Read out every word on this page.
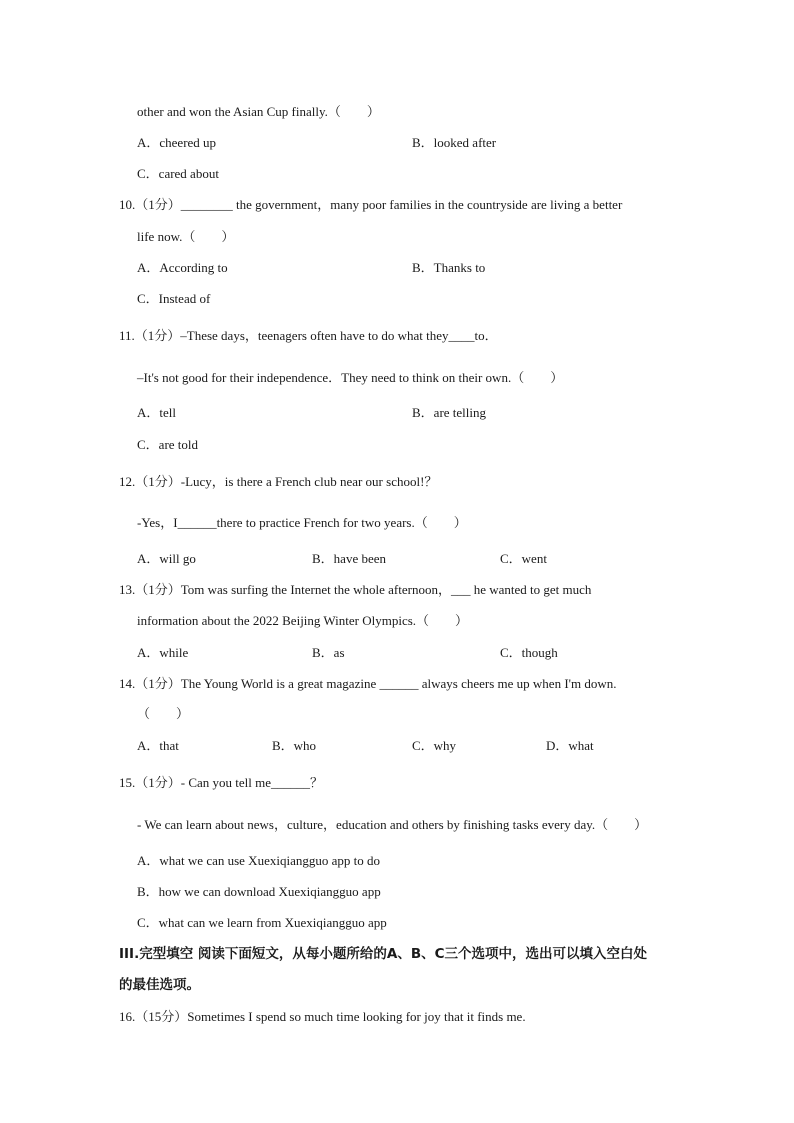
other and won the Asian Cup finally.（　　）
A．cheered up	B．looked after
C．cared about
10.（1分）________ the government，many poor families in the countryside are living a better
life now.（　　）
A．According to	B．Thanks to
C．Instead of
11.（1分）–These days，teenagers often have to do what they____to．
–It's not good for their independence．They need to think on their own.（　　）
A．tell	B．are telling
C．are told
12.（1分）-Lucy，is there a French club near our school!？
-Yes，I______there to practice French for two years.（　　）
A．will go	B．have been	C．went
13.（1分）Tom was surfing the Internet the whole afternoon，___ he wanted to get much
information about the 2022 Beijing Winter Olympics.（　　）
A．while	B．as	C．though
14.（1分）The Young World is a great magazine ______ always cheers me up when I'm down.
（　　）
A．that	B．who	C．why	D．what
15.（1分）- Can you tell me______？
- We can learn about news，culture，education and others by finishing tasks every day.（　　）
A．what we can use Xuexiqiangguo app to do
B．how we can download Xuexiqiangguo app
C．what can we learn from Xuexiqiangguo app
III.完型填空 阅读下面短文，从每小题所给的A、B、C三个选项中，选出可以填入空白处
的最佳选项。
16.（15分）Sometimes I spend so much time looking for joy that it finds me.
